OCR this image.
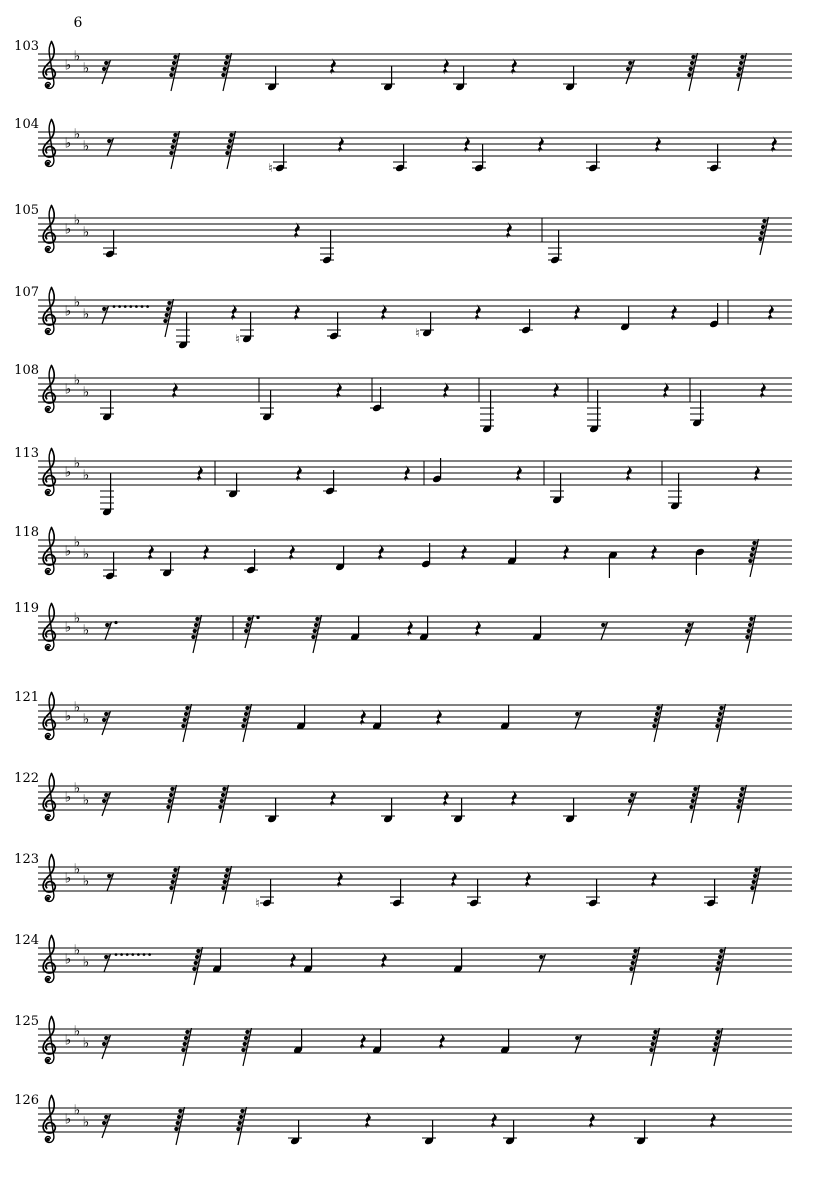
6
103
♭
♭
♭
104
♭
♭
♭
♮
105
♭
♭
♭
107
♭
♭
♭
♮	♮
108
♭
♭
♭
113
♭
♭
♭
118
♭
♭
♭
119
♭
♭
♭
121
♭
♭
♭
122
♭
♭
♭
123
♭
♭
♭
♮
124
♭
♭
♭
125
♭
♭
♭
126
♭
♭
♭
